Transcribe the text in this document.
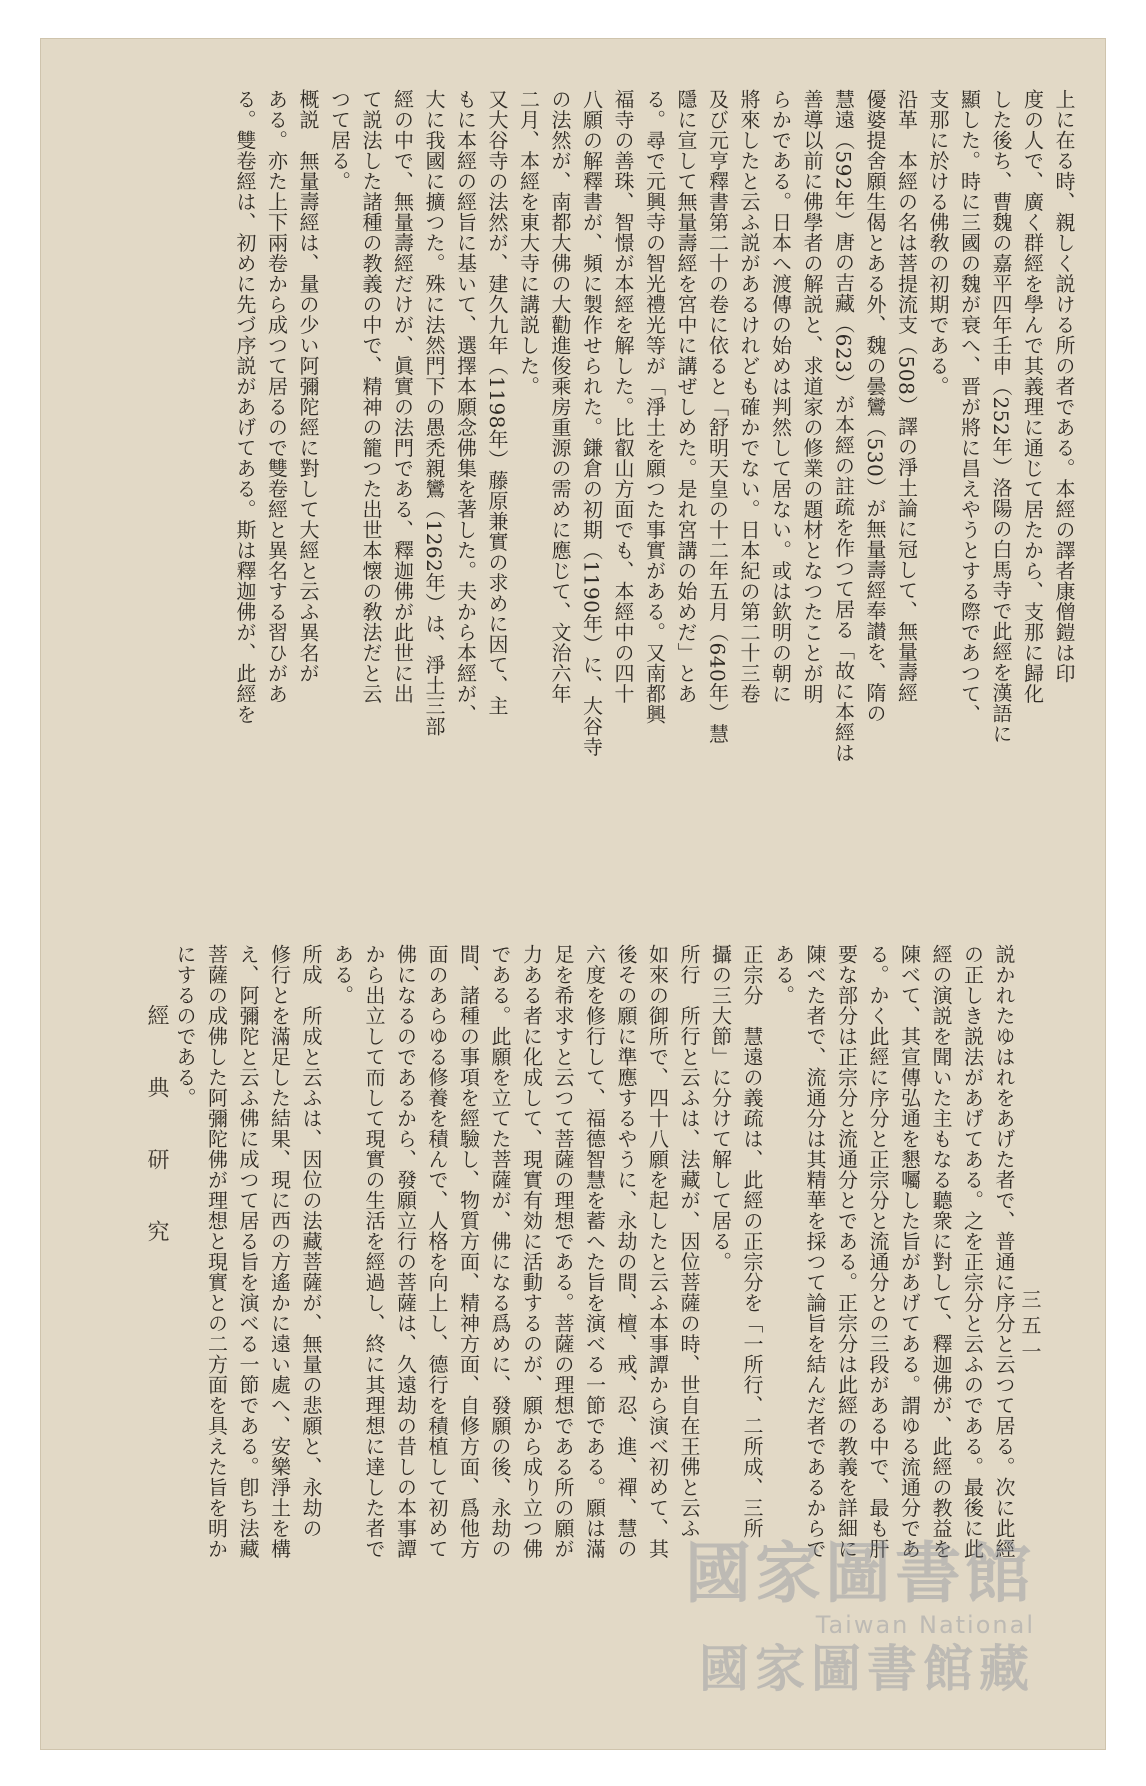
上に在る時、親しく説ける所の者である。本經の譯者康僧鎧は印
度の人で、廣く群經を學んで其義理に通じて居たから、支那に歸化
した後ち、曹魏の嘉平四年壬申（252年）洛陽の白馬寺で此經を漢語に
顯した。時に三國の魏が衰へ、晋が將に昌えやうとする際であつて、
支那に於ける佛敎の初期である。
沿革　本經の名は菩提流支（508）譯の淨土論に冠して、無量壽經
優婆提舍願生偈とある外、魏の曇鸞（530）が無量壽經奉讃を、隋の
慧遠（592年）唐の吉藏（623）が本經の註疏を作つて居る「故に本經は
善導以前に佛學者の解説と、求道家の修業の題材となつたことが明
らかである。日本へ渡傳の始めは判然して居ない。或は欽明の朝に
將來したと云ふ説があるけれども確かでない。日本紀の第二十三卷
及び元亨釋書第二十の卷に依ると「舒明天皇の十二年五月（640年）慧
隱に宣して無量壽經を宮中に講ぜしめた。是れ宮講の始めだ」とあ
る。尋で元興寺の智光禮光等が「淨土を願つた事實がある。又南都興
福寺の善珠、智憬が本經を解した。比叡山方面でも、本經中の四十
八願の解釋書が、頻に製作せられた。鎌倉の初期（1190年）に、大谷寺
の法然が、南都大佛の大勸進俊乘房重源の需めに應じて、文治六年
二月、本經を東大寺に講説した。
又大谷寺の法然が、建久九年（1198年）藤原兼實の求めに因て、主
もに本經の經旨に基いて、選擇本願念佛集を著した。夫から本經が、
大に我國に擴つた。殊に法然門下の愚禿親鸞（1262年）は、淨土三部
經の中で、無量壽經だけが、眞實の法門である、釋迦佛が此世に出
て説法した諸種の教義の中で、精神の籠つた出世本懐の敎法だと云
つて居る。
概説　無量壽經は、量の少い阿彌陀經に對して大經と云ふ異名が
ある。亦た上下兩卷から成つて居るので雙卷經と異名する習ひがあ
る。雙卷經は、初めに先づ序説があげてある。斯は釋迦佛が、此經を
説かれたゆはれをあげた者で、普通に序分と云つて居る。次に此經
の正しき説法があげてある。之を正宗分と云ふのである。最後に此
經の演説を聞いた主もなる聽衆に對して、釋迦佛が、此經の教益を
陳べて、其宣傳弘通を懇囑した旨があげてある。謂ゆる流通分であ
る。かく此經に序分と正宗分と流通分との三段がある中で、最も肝
要な部分は正宗分と流通分とである。正宗分は此經の教義を詳細に
陳べた者で、流通分は其精華を採つて論旨を結んだ者であるからで
ある。
正宗分　慧遠の義疏は、此經の正宗分を「一所行、二所成、三所
攝の三大節」に分けて解して居る。
所行　所行と云ふは、法藏が、因位菩薩の時、世自在王佛と云ふ
如來の御所で、四十八願を起したと云ふ本事譚から演べ初めて、其
後その願に準應するやうに、永劫の間、檀、戒、忍、進、禪、慧の
六度を修行して、福德智慧を蓄へた旨を演べる一節である。願は滿
足を希求すと云つて菩薩の理想である。菩薩の理想である所の願が
力ある者に化成して、現實有効に活動するのが、願から成り立つ佛
である。此願を立てた菩薩が、佛になる爲めに、發願の後、永劫の
間、諸種の事項を經驗し、物質方面、精神方面、自修方面、爲他方
面のあらゆる修養を積んで、人格を向上し、德行を積植して初めて
佛になるのであるから、發願立行の菩薩は、久遠劫の昔しの本事譚
から出立して而して現實の生活を經過し、終に其理想に達した者で
ある。
所成　所成と云ふは、因位の法藏菩薩が、無量の悲願と、永劫の
修行とを滿足した結果、現に西の方遙かに遠い處へ、安樂淨土を構
え、阿彌陀と云ふ佛に成つて居る旨を演べる一節である。卽ち法藏
菩薩の成佛した阿彌陀佛が理想と現實との二方面を具えた旨を明か
にするのである。
經　典　研　究
三五一
國家圖書館
Taiwan National
國家圖書館藏
